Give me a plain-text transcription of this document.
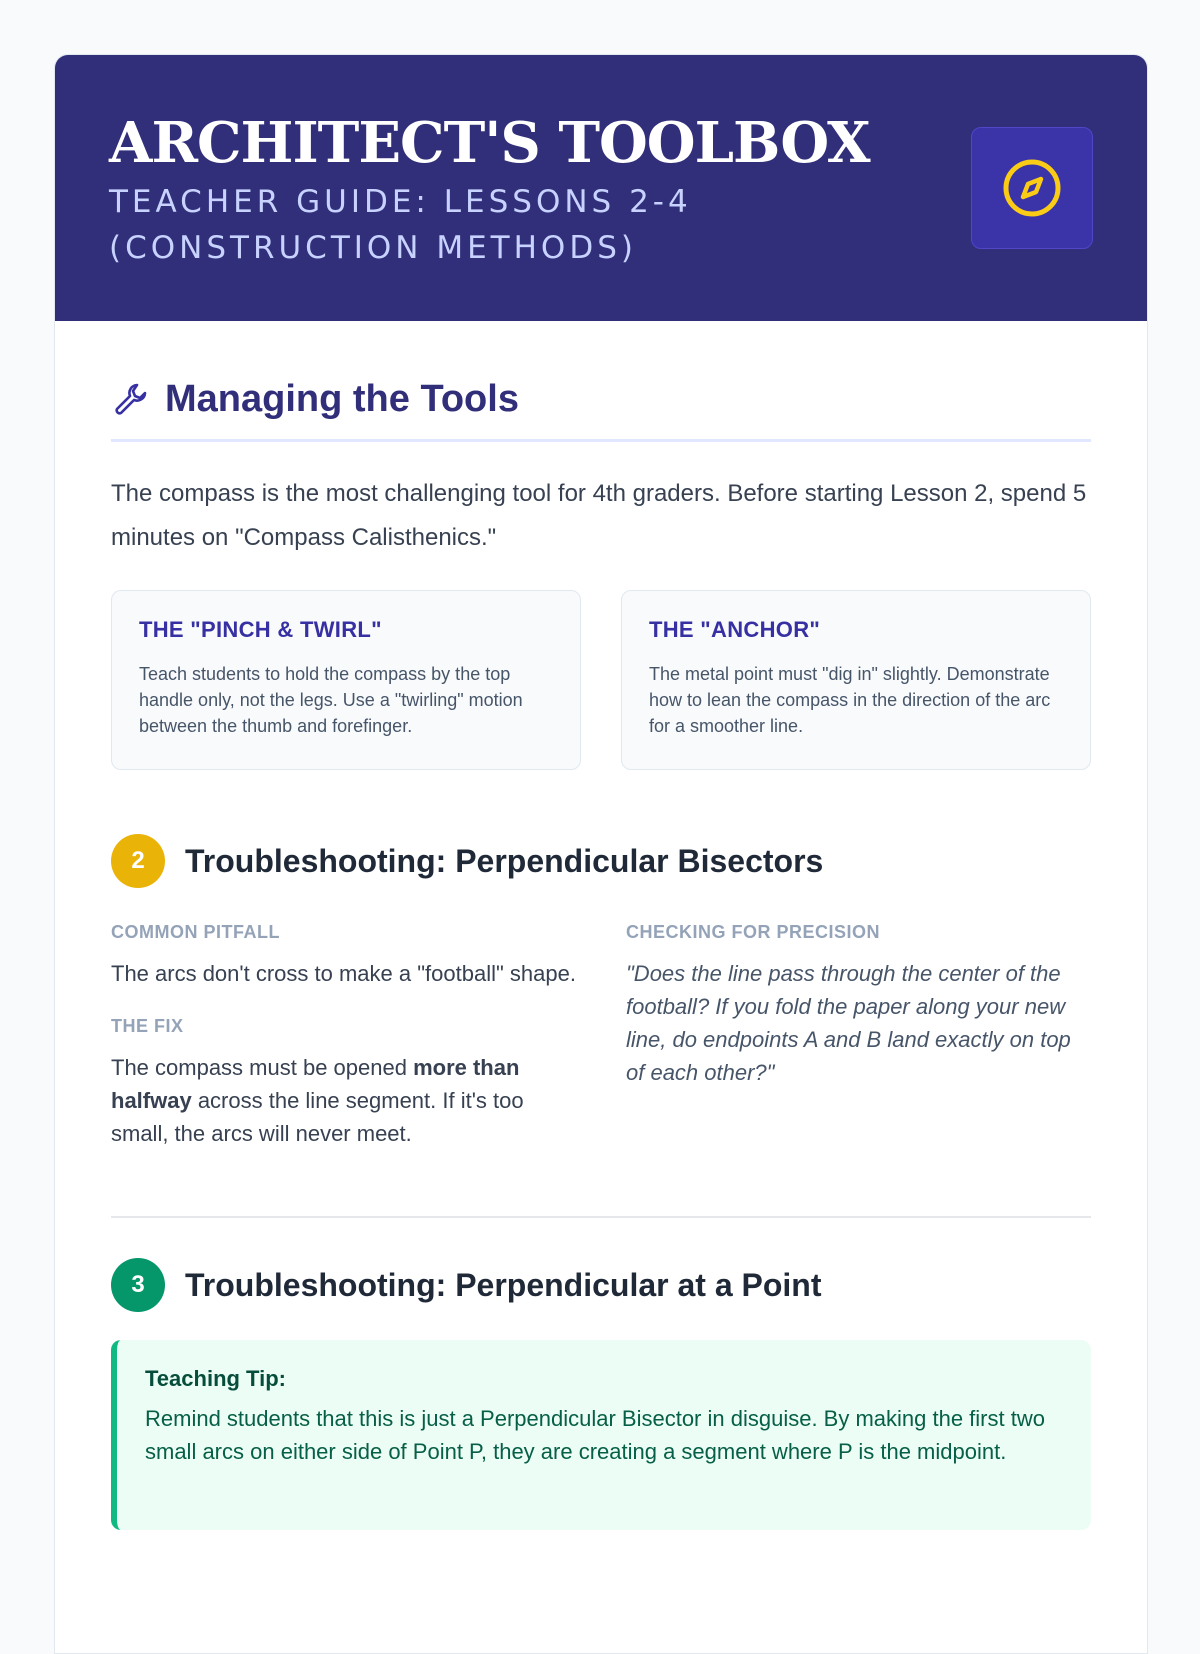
ARCHITECT'S TOOLBOX
TEACHER GUIDE: LESSONS 2-4 (CONSTRUCTION METHODS)
Managing the Tools

The compass is the most challenging tool for 4th graders. Before starting Lesson 2, spend 5 minutes on "Compass Calisthenics."

THE "PINCH & TWIRL"

Teach students to hold the compass by the top handle only, not the legs. Use a "twirling" motion between the thumb and forefinger.

THE "ANCHOR"

The metal point must "dig in" slightly. Demonstrate how to lean the compass in the direction of the arc for a smoother line.

2	Troubleshooting: Perpendicular Bisectors
COMMON PITFALL

The arcs don't cross to make a "football" shape.

THE FIX

The compass must be opened more than halfway across the line segment. If it's too small, the arcs will never meet.

CHECKING FOR PRECISION

"Does the line pass through the center of the football? If you fold the paper along your new line, do endpoints A and B land exactly on top of each other?"

3	Troubleshooting: Perpendicular at a Point
Teaching Tip:

Remind students that this is just a Perpendicular Bisector in disguise. By making the first two small arcs on either side of Point P, they are creating a segment where P is the midpoint.
